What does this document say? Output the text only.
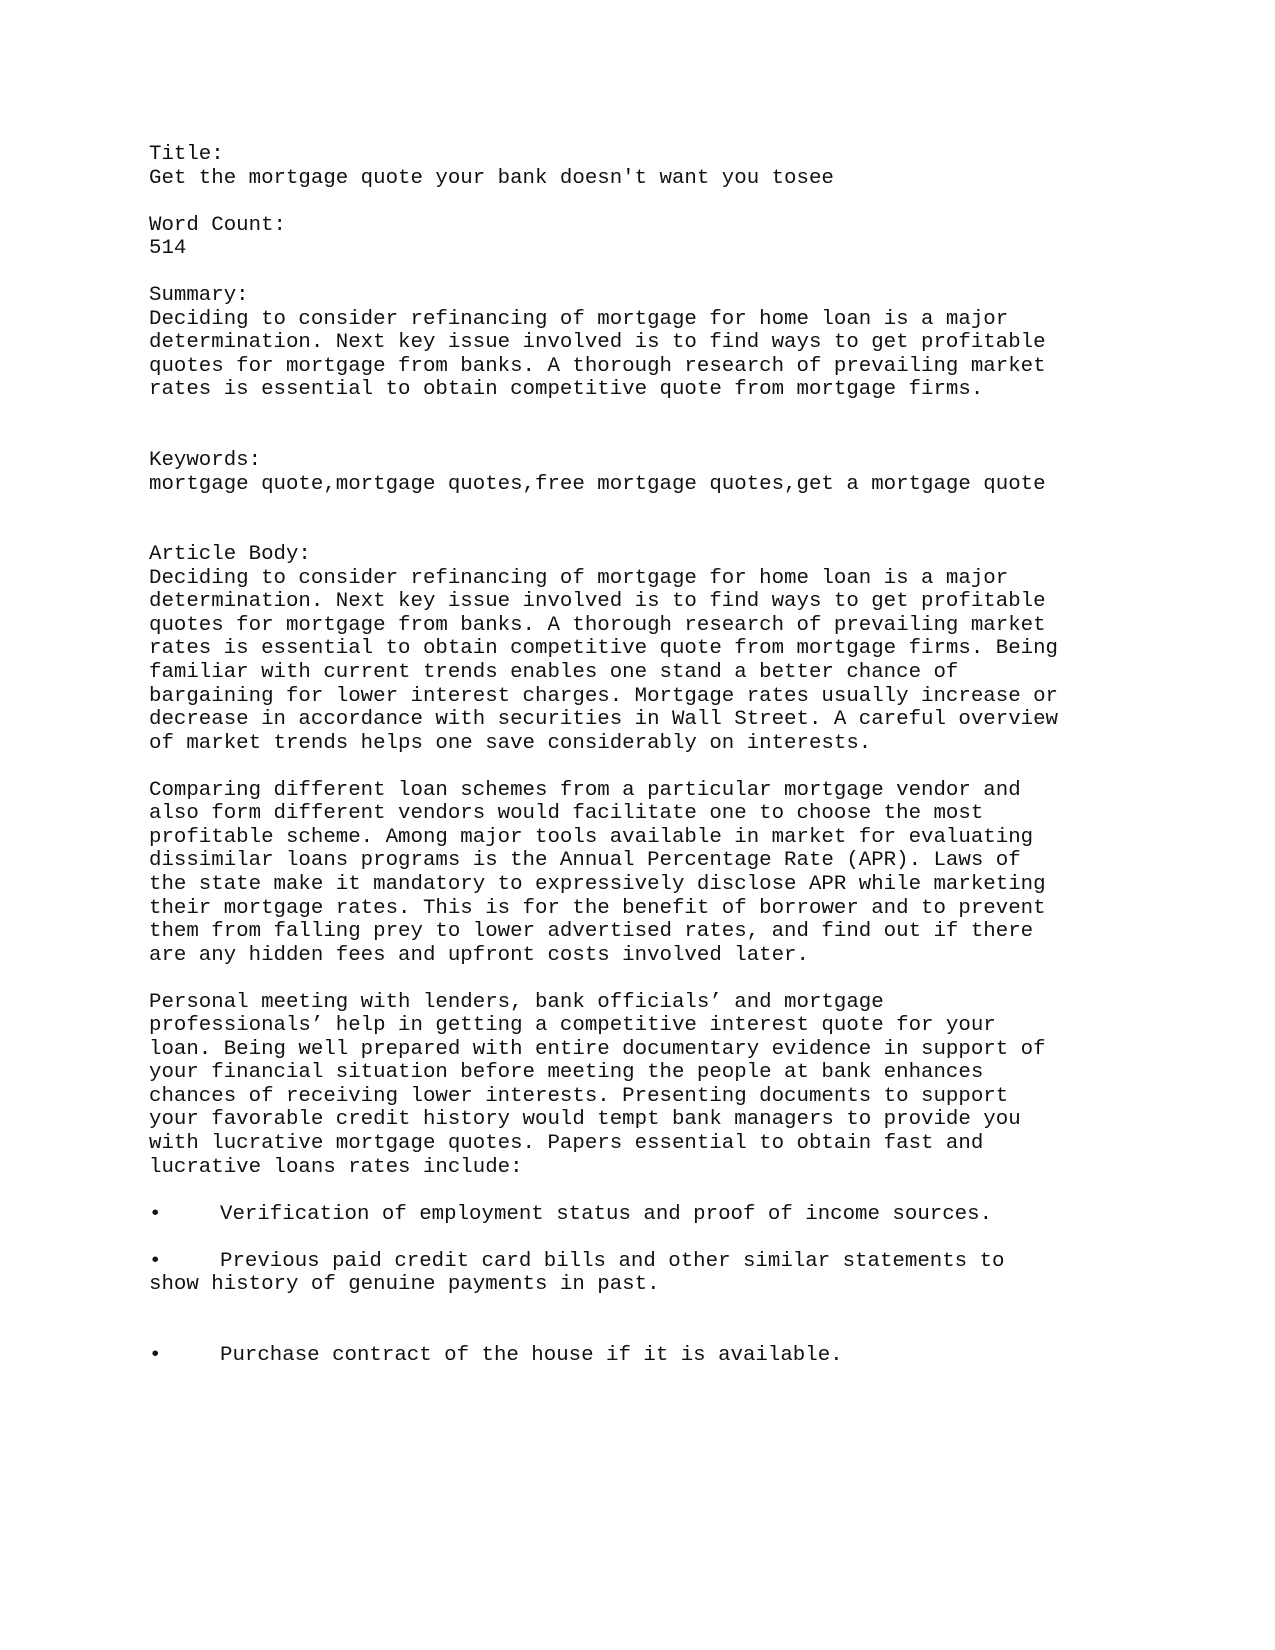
Title:
Get the mortgage quote your bank doesn't want you tosee
Word Count:
514
Summary:
Deciding to consider refinancing of mortgage for home loan is a major
determination. Next key issue involved is to find ways to get profitable
quotes for mortgage from banks. A thorough research of prevailing market
rates is essential to obtain competitive quote from mortgage firms.
Keywords:
mortgage quote,mortgage quotes,free mortgage quotes,get a mortgage quote
Article Body:
Deciding to consider refinancing of mortgage for home loan is a major
determination. Next key issue involved is to find ways to get profitable
quotes for mortgage from banks. A thorough research of prevailing market
rates is essential to obtain competitive quote from mortgage firms. Being
familiar with current trends enables one stand a better chance of
bargaining for lower interest charges. Mortgage rates usually increase or
decrease in accordance with securities in Wall Street. A careful overview
of market trends helps one save considerably on interests.
Comparing different loan schemes from a particular mortgage vendor and
also form different vendors would facilitate one to choose the most
profitable scheme. Among major tools available in market for evaluating
dissimilar loans programs is the Annual Percentage Rate (APR). Laws of
the state make it mandatory to expressively disclose APR while marketing
their mortgage rates. This is for the benefit of borrower and to prevent
them from falling prey to lower advertised rates, and find out if there
are any hidden fees and upfront costs involved later.
Personal meeting with lenders, bank officials’ and mortgage
professionals’ help in getting a competitive interest quote for your
loan. Being well prepared with entire documentary evidence in support of
your financial situation before meeting the people at bank enhances
chances of receiving lower interests. Presenting documents to support
your favorable credit history would tempt bank managers to provide you
with lucrative mortgage quotes. Papers essential to obtain fast and
lucrative loans rates include:
•	Verification of employment status and proof of income sources.
•	Previous paid credit card bills and other similar statements to
show history of genuine payments in past.
•	Purchase contract of the house if it is available.
